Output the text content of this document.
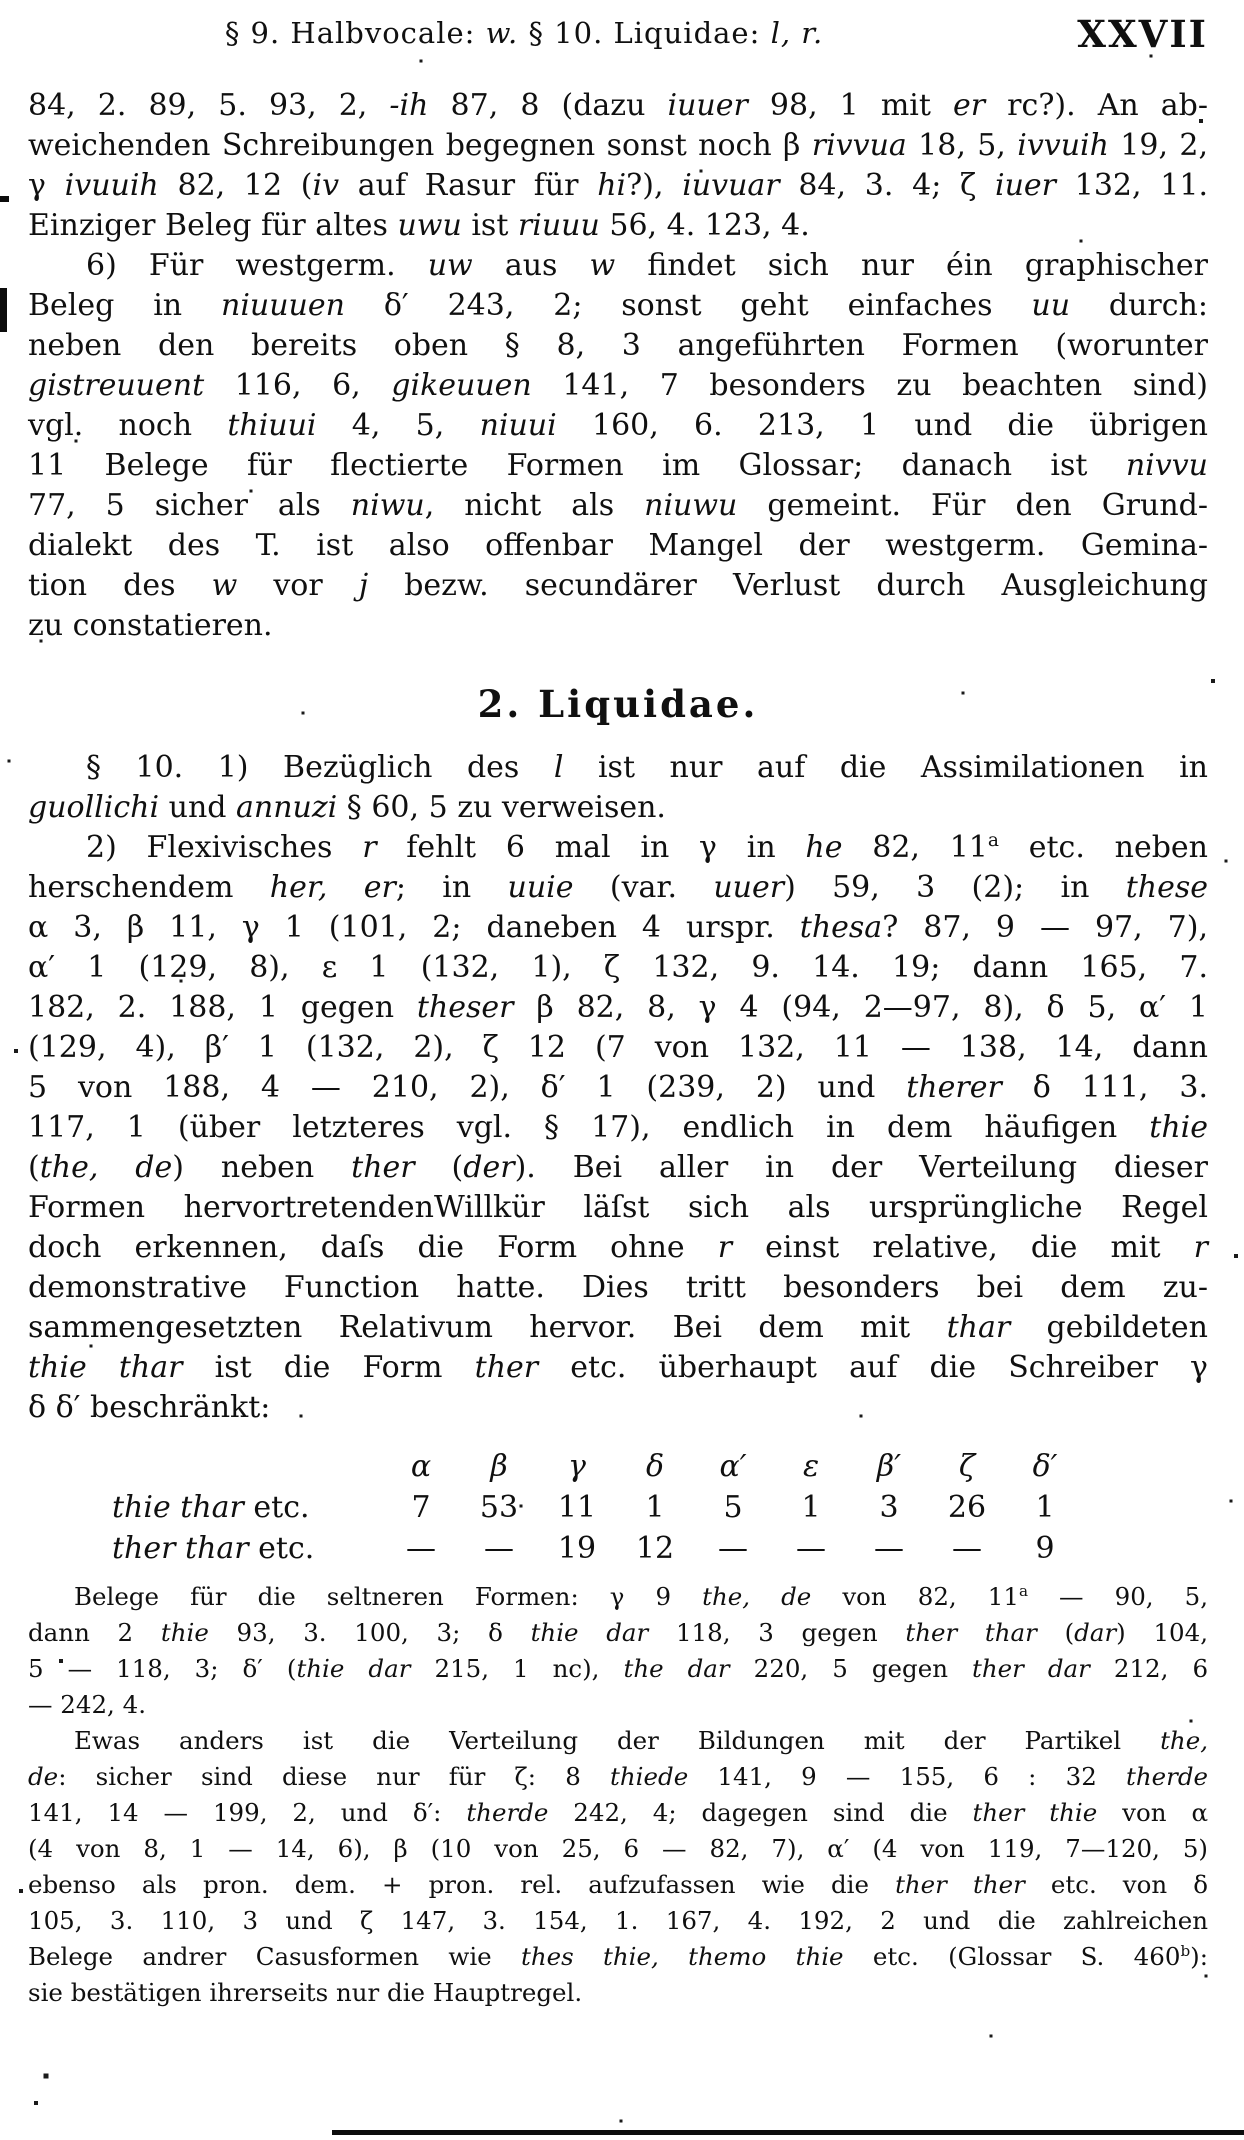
§ 9. Halbvocale: w. § 10. Liquidae: l, r.	XXVII
84, 2. 89, 5. 93, 2, -ih 87, 8 (dazu iuuer 98, 1 mit er rc?). An ab-
weichenden Schreibungen begegnen sonst noch β rivvua 18, 5, ivvuih 19, 2,
γ ivuuih 82, 12 (iv auf Rasur für hi?), iuvuar 84, 3. 4; ζ iuer 132, 11.
Einziger Beleg für altes uwu ist riuuu 56, 4. 123, 4.
6) Für westgerm. uw aus w findet sich nur éin graphischer
Beleg in niuuuen δ′ 243, 2; sonst geht einfaches uu durch:
neben den bereits oben § 8, 3 angeführten Formen (worunter
gistreuuent 116, 6, gikeuuen 141, 7 besonders zu beachten sind)
vgl. noch thiuui 4, 5, niuui 160, 6. 213, 1 und die übrigen
11 Belege für flectierte Formen im Glossar; danach ist nivvu
77, 5 sicher als niwu, nicht als niuwu gemeint. Für den Grund-
dialekt des T. ist also offenbar Mangel der westgerm. Gemina-
tion des w vor j bezw. secundärer Verlust durch Ausgleichung
zu constatieren.
2. Liquidae.
§ 10. 1) Bezüglich des l ist nur auf die Assimilationen in
guollichi und annuzi § 60, 5 zu verweisen.
2) Flexivisches r fehlt 6 mal in γ in he 82, 11$^a$ etc. neben
herschendem her, er; in uuie (var. uuer) 59, 3 (2); in these
α 3, β 11, γ 1 (101, 2; daneben 4 urspr. thesa? 87, 9 — 97, 7),
α′ 1 (129, 8), ε 1 (132, 1), ζ 132, 9. 14. 19; dann 165, 7.
182, 2. 188, 1 gegen theser β 82, 8, γ 4 (94, 2—97, 8), δ 5, α′ 1
(129, 4), β′ 1 (132, 2), ζ 12 (7 von 132, 11 — 138, 14, dann
5 von 188, 4 — 210, 2), δ′ 1 (239, 2) und therer δ 111, 3.
117, 1 (über letzteres vgl. § 17), endlich in dem häufigen thie
(the, de) neben ther (der). Bei aller in der Verteilung dieser
Formen hervortretendenWillkür läſst sich als ursprüngliche Regel
doch erkennen, daſs die Form ohne r einst relative, die mit r
demonstrative Function hatte. Dies tritt besonders bei dem zu-
sammengesetzten Relativum hervor. Bei dem mit thar gebildeten
thie thar ist die Form ther etc. überhaupt auf die Schreiber γ
δ δ′ beschränkt:
	α	β	γ	δ	α′	ε	β′	ζ	δ′
thie thar etc.	7	53	11	1	5	1	3	26	1
ther thar etc.	—	—	19	12	—	—	—	—	9
Belege für die seltneren Formen: γ 9 the, de von 82, 11$^a$ — 90, 5,
dann 2 thie 93, 3. 100, 3; δ thie dar 118, 3 gegen ther thar (dar) 104,
5 — 118, 3; δ′ (thie dar 215, 1 nc), the dar 220, 5 gegen ther dar 212, 6
— 242, 4.
Ewas anders ist die Verteilung der Bildungen mit der Partikel the,
de: sicher sind diese nur für ζ: 8 thiede 141, 9 — 155, 6 : 32 therde
141, 14 — 199, 2, und δ′: therde 242, 4; dagegen sind die ther thie von α
(4 von 8, 1 — 14, 6), β (10 von 25, 6 — 82, 7), α′ (4 von 119, 7—120, 5)
ebenso als pron. dem. + pron. rel. aufzufassen wie die ther ther etc. von δ
105, 3. 110, 3 und ζ 147, 3. 154, 1. 167, 4. 192, 2 und die zahlreichen
Belege andrer Casusformen wie thes thie, themo thie etc. (Glossar S. 460$^b$):
sie bestätigen ihrerseits nur die Hauptregel.
